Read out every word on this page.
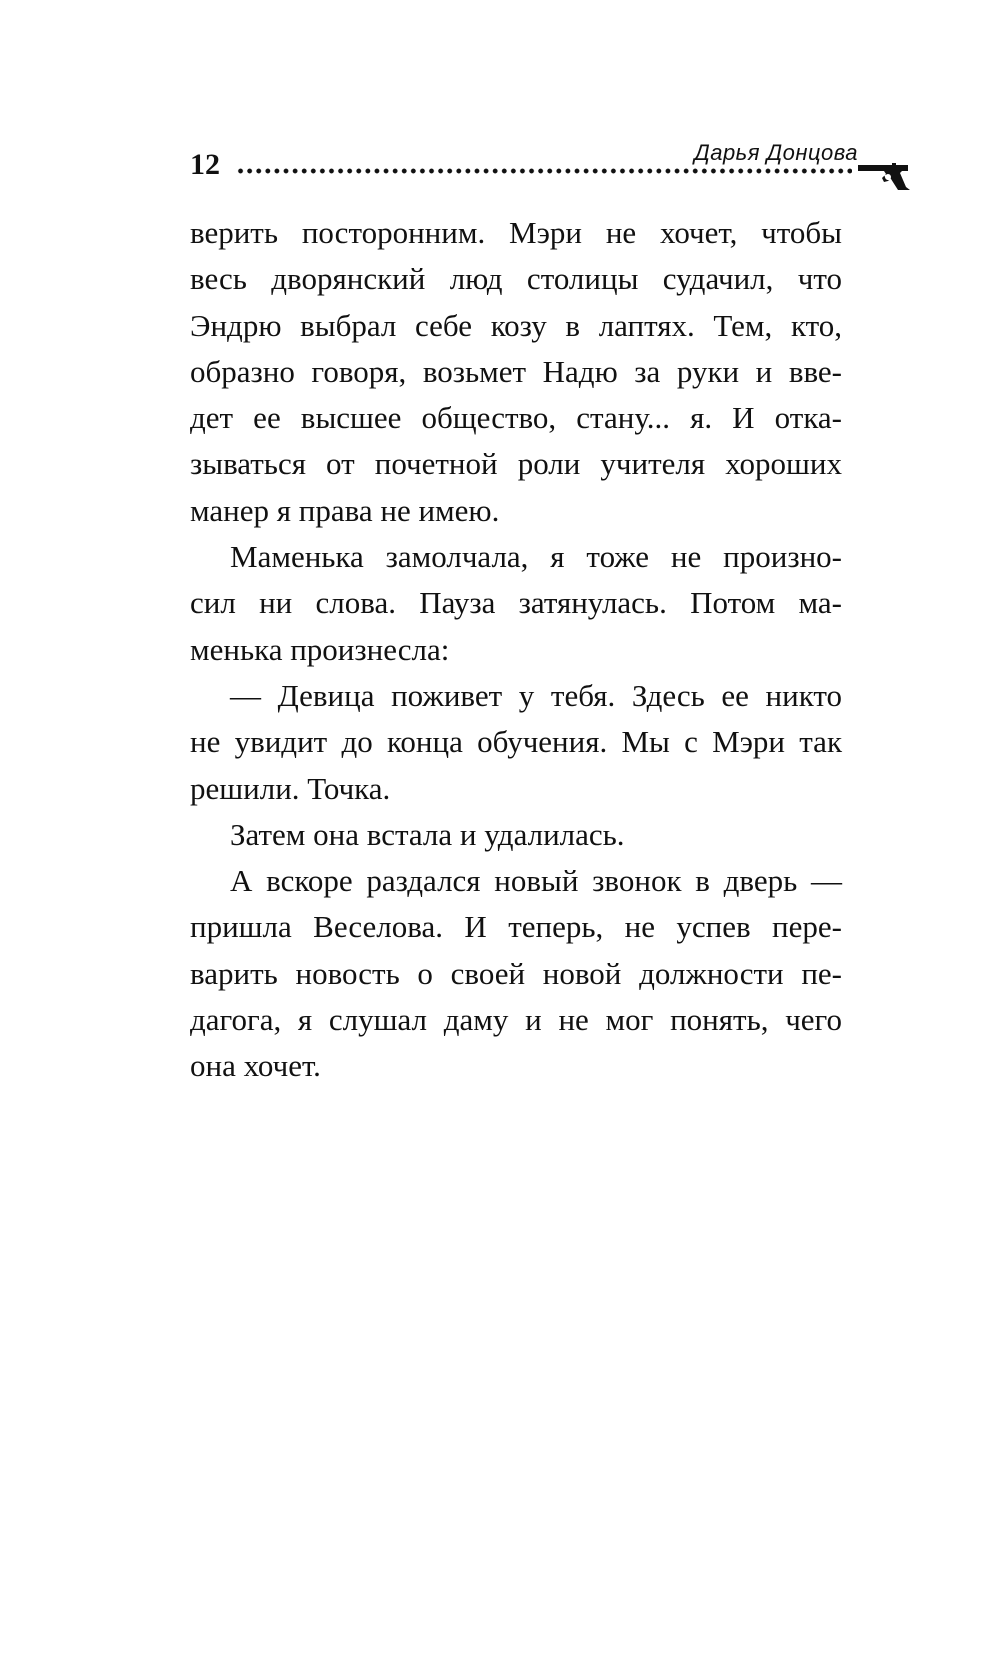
12	Дарья Донцова
верить посторонним. Мэри не хочет, чтобы
весь дворянский люд столицы судачил, что
Эндрю выбрал себе козу в лаптях. Тем, кто,
образно говоря, возьмет Надю за руки и вве-
дет ее высшее общество, стану... я. И отка-
зываться от почетной роли учителя хороших
манер я права не имею.
Маменька замолчала, я тоже не произно-
сил ни слова. Пауза затянулась. Потом ма-
менька произнесла:
— Девица поживет у тебя. Здесь ее никто
не увидит до конца обучения. Мы с Мэри так
решили. Точка.
Затем она встала и удалилась.
А вскоре раздался новый звонок в дверь —
пришла Веселова. И теперь, не успев пере-
варить новость о своей новой должности пе-
дагога, я слушал даму и не мог понять, чего
она хочет.
